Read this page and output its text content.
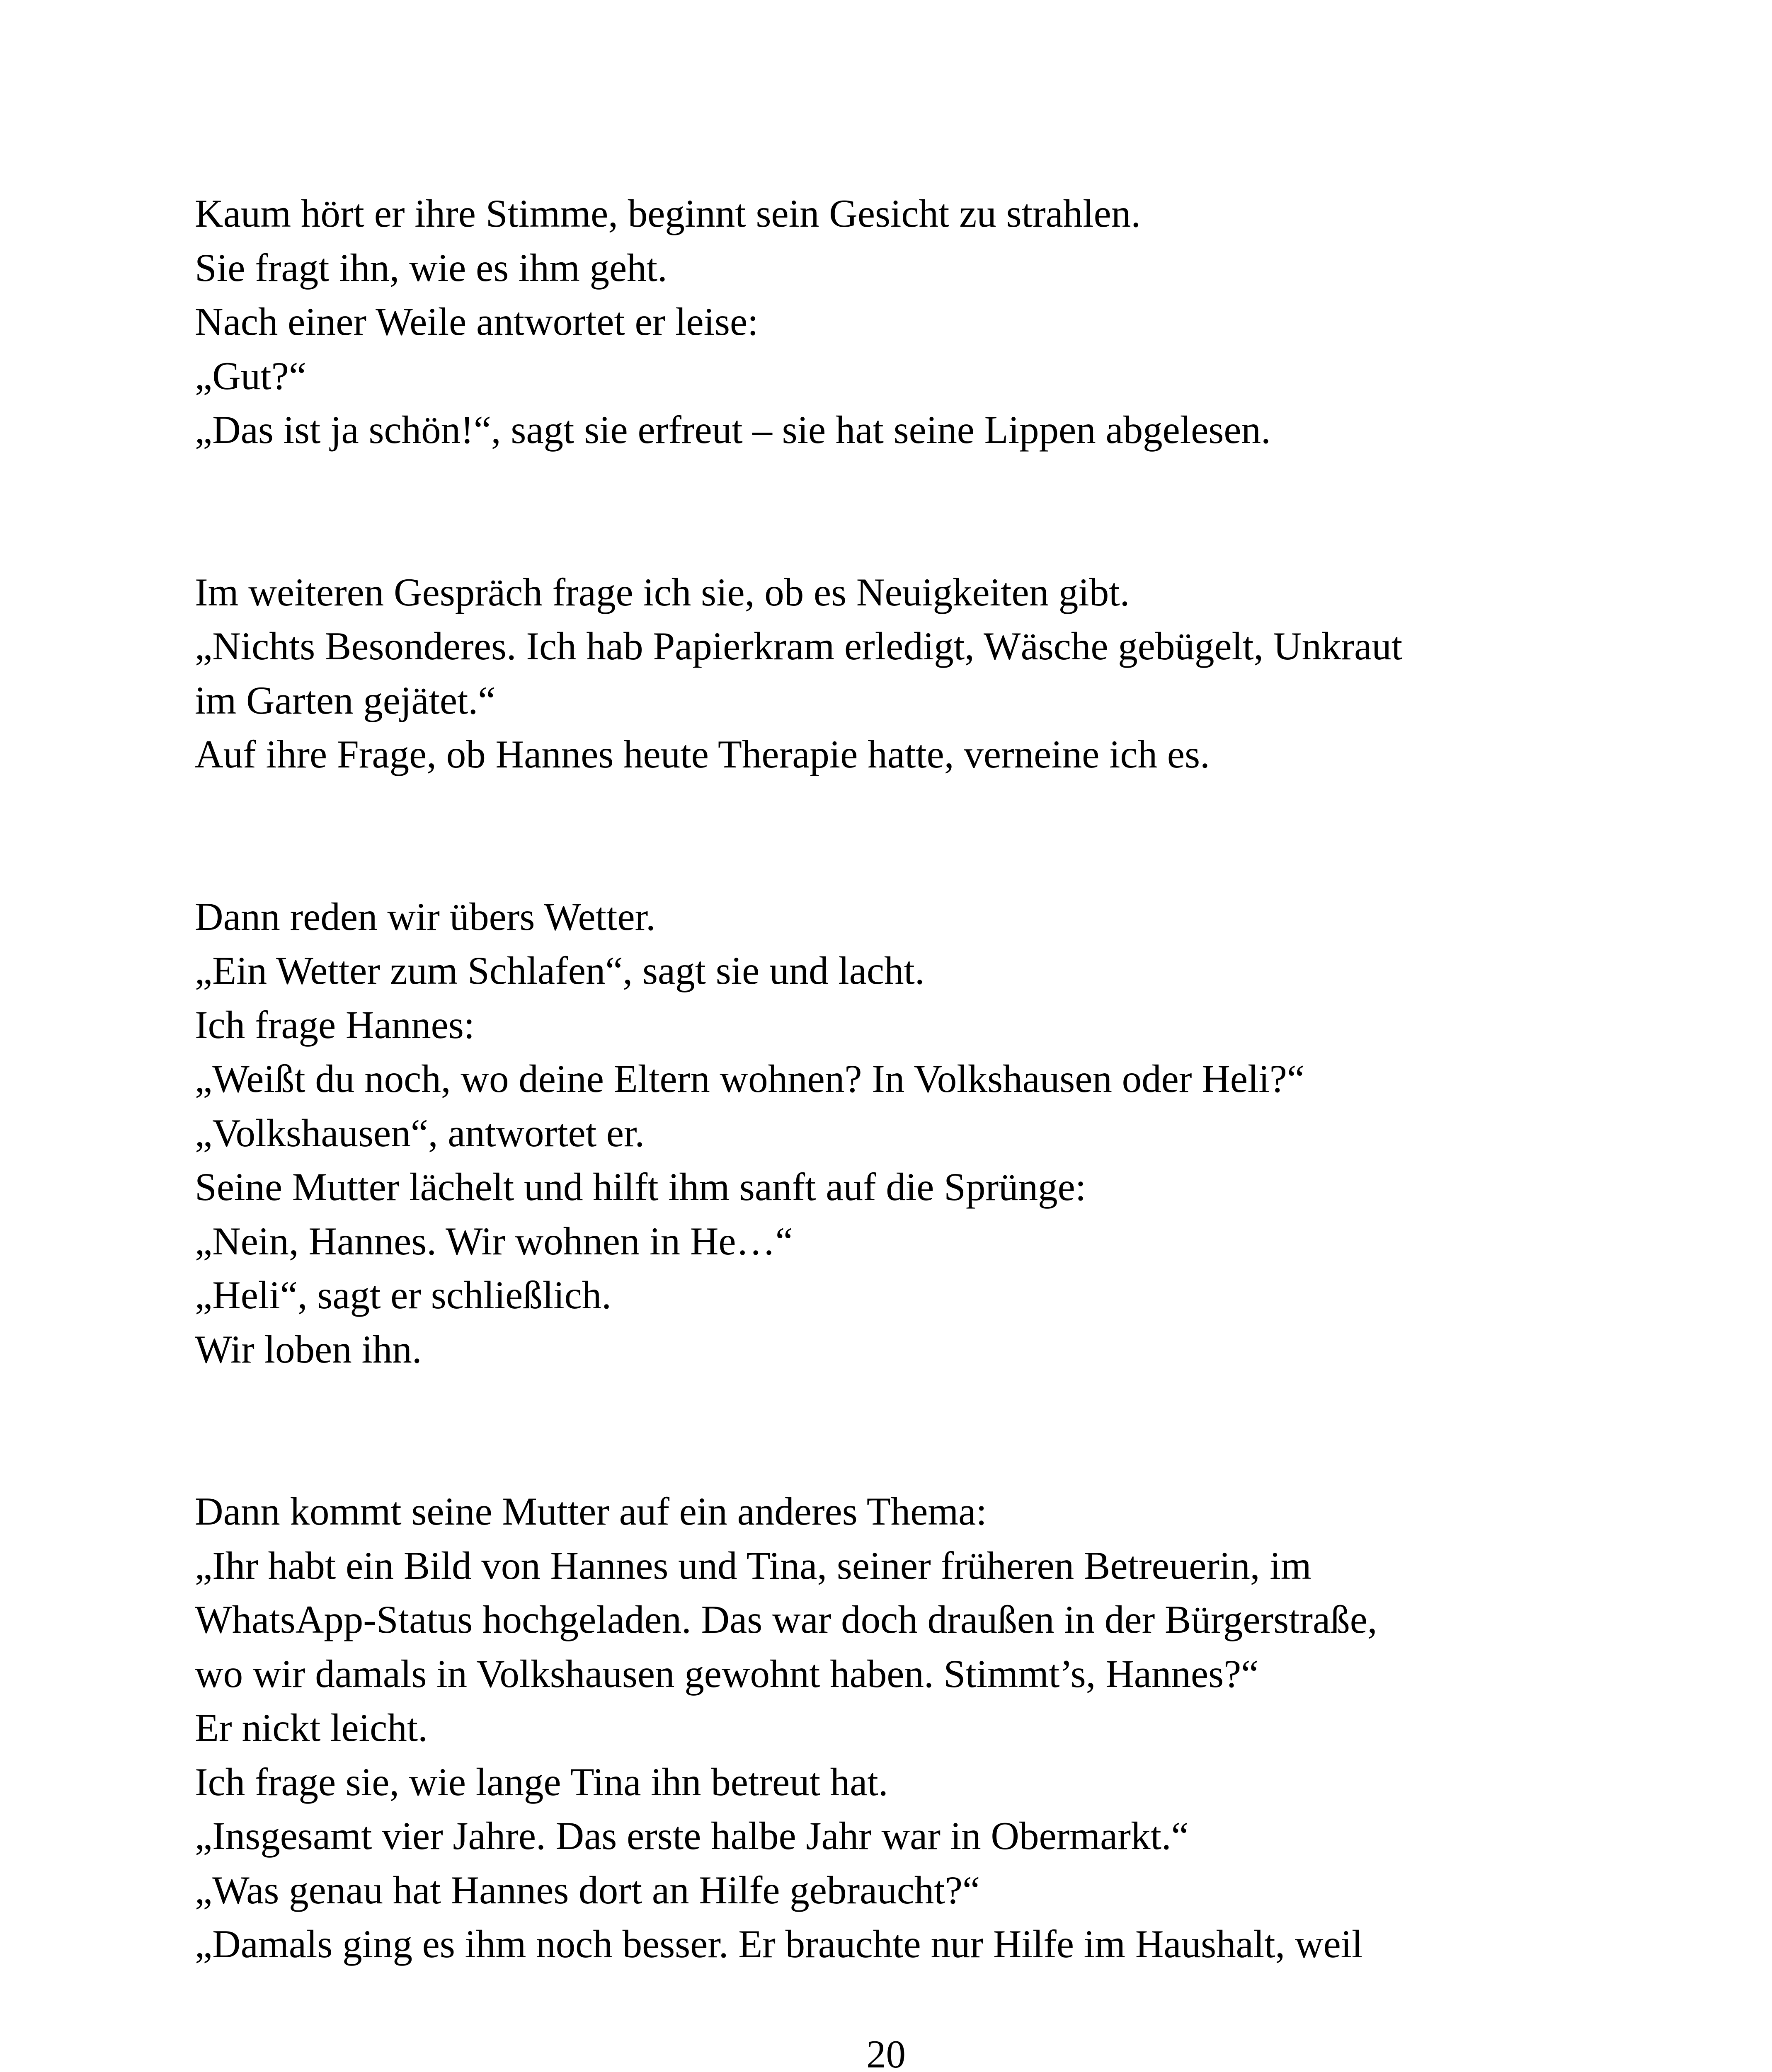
Kaum hört er ihre Stimme, beginnt sein Gesicht zu strahlen.
Sie fragt ihn, wie es ihm geht.
Nach einer Weile antwortet er leise:
„Gut?“
„Das ist ja schön!“, sagt sie erfreut – sie hat seine Lippen abgelesen.
Im weiteren Gespräch frage ich sie, ob es Neuigkeiten gibt.
„Nichts Besonderes. Ich hab Papierkram erledigt, Wäsche gebügelt, Unkraut
im Garten gejätet.“
Auf ihre Frage, ob Hannes heute Therapie hatte, verneine ich es.
Dann reden wir übers Wetter.
„Ein Wetter zum Schlafen“, sagt sie und lacht.
Ich frage Hannes:
„Weißt du noch, wo deine Eltern wohnen? In Volkshausen oder Heli?“
„Volkshausen“, antwortet er.
Seine Mutter lächelt und hilft ihm sanft auf die Sprünge:
„Nein, Hannes. Wir wohnen in He…“
„Heli“, sagt er schließlich.
Wir loben ihn.
Dann kommt seine Mutter auf ein anderes Thema:
„Ihr habt ein Bild von Hannes und Tina, seiner früheren Betreuerin, im
WhatsApp-Status hochgeladen. Das war doch draußen in der Bürgerstraße,
wo wir damals in Volkshausen gewohnt haben. Stimmt’s, Hannes?“
Er nickt leicht.
Ich frage sie, wie lange Tina ihn betreut hat.
„Insgesamt vier Jahre. Das erste halbe Jahr war in Obermarkt.“
„Was genau hat Hannes dort an Hilfe gebraucht?“
„Damals ging es ihm noch besser. Er brauchte nur Hilfe im Haushalt, weil
20
